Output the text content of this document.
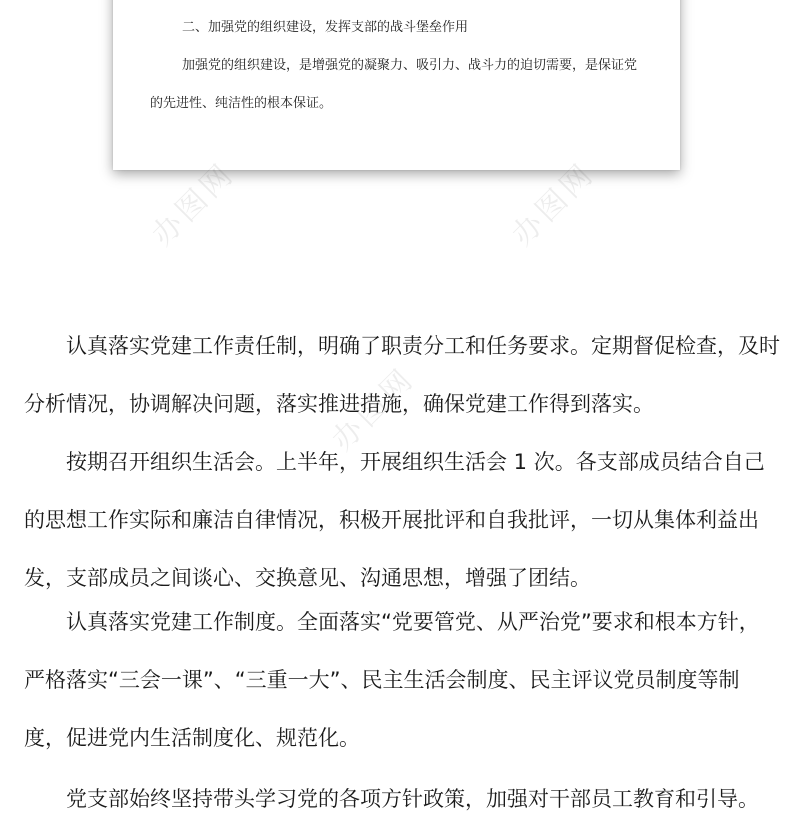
二、加强党的组织建设，发挥支部的战斗堡垒作用
加强党的组织建设，是增强党的凝聚力、吸引力、战斗力的迫切需要，是保证党的先进性、纯洁性的根本保证。

认真落实党建工作责任制，明确了职责分工和任务要求。定期督促检查，及时分析情况，协调解决问题，落实推进措施，确保党建工作得到落实。

按期召开组织生活会。上半年，开展组织生活会 1 次。各支部成员结合自己的思想工作实际和廉洁自律情况，积极开展批评和自我批评，一切从集体利益出发，支部成员之间谈心、交换意见、沟通思想，增强了团结。

认真落实党建工作制度。全面落实“党要管党、从严治党”要求和根本方针，严格落实“三会一课”、“三重一大”、民主生活会制度、民主评议党员制度等制度，促进党内生活制度化、规范化。

党支部始终坚持带头学习党的各项方针政策，加强对干部员工教育和引导。

办图网	办图网
办图网
